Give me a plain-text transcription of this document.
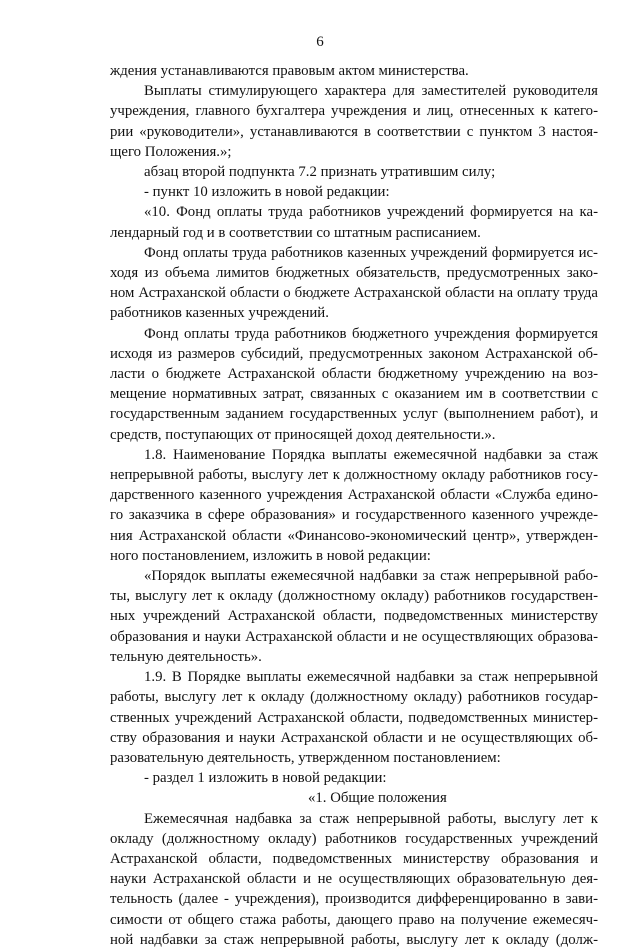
6
ждения устанавливаются правовым актом министерства.
Выплаты стимулирующего характера для заместителей руководителя
учреждения, главного бухгалтера учреждения и лиц, отнесенных к катего-
рии «руководители», устанавливаются в соответствии с пунктом 3 настоя-
щего Положения.»;
абзац второй подпункта 7.2 признать утратившим силу;
- пункт 10 изложить в новой редакции:
«10. Фонд оплаты труда работников учреждений формируется на ка-
лендарный год и в соответствии со штатным расписанием.
Фонд оплаты труда работников казенных учреждений формируется ис-
ходя из объема лимитов бюджетных обязательств, предусмотренных зако-
ном Астраханской области о бюджете Астраханской области на оплату труда
работников казенных учреждений.
Фонд оплаты труда работников бюджетного учреждения формируется
исходя из размеров субсидий, предусмотренных законом Астраханской об-
ласти о бюджете Астраханской области бюджетному учреждению на воз-
мещение нормативных затрат, связанных с оказанием им в соответствии с
государственным заданием государственных услуг (выполнением работ), и
средств, поступающих от приносящей доход деятельности.».
1.8. Наименование Порядка выплаты ежемесячной надбавки за стаж
непрерывной работы, выслугу лет к должностному окладу работников госу-
дарственного казенного учреждения Астраханской области «Служба едино-
го заказчика в сфере образования» и государственного казенного учрежде-
ния Астраханской области «Финансово-экономический центр», утвержден-
ного постановлением, изложить в новой редакции:
«Порядок выплаты ежемесячной надбавки за стаж непрерывной рабо-
ты, выслугу лет к окладу (должностному окладу) работников государствен-
ных учреждений Астраханской области, подведомственных министерству
образования и науки Астраханской области и не осуществляющих образова-
тельную деятельность».
1.9. В Порядке выплаты ежемесячной надбавки за стаж непрерывной
работы, выслугу лет к окладу (должностному окладу) работников государ-
ственных учреждений Астраханской области, подведомственных министер-
ству образования и науки Астраханской области и не осуществляющих об-
разовательную деятельность, утвержденном постановлением:
- раздел 1 изложить в новой редакции:
«1. Общие положения
Ежемесячная надбавка за стаж непрерывной работы, выслугу лет к
окладу (должностному окладу) работников государственных учреждений
Астраханской области, подведомственных министерству образования и
науки Астраханской области и не осуществляющих образовательную дея-
тельность (далее - учреждения), производится дифференцированно в зави-
симости от общего стажа работы, дающего право на получение ежемесяч-
ной надбавки за стаж непрерывной работы, выслугу лет к окладу (долж-
